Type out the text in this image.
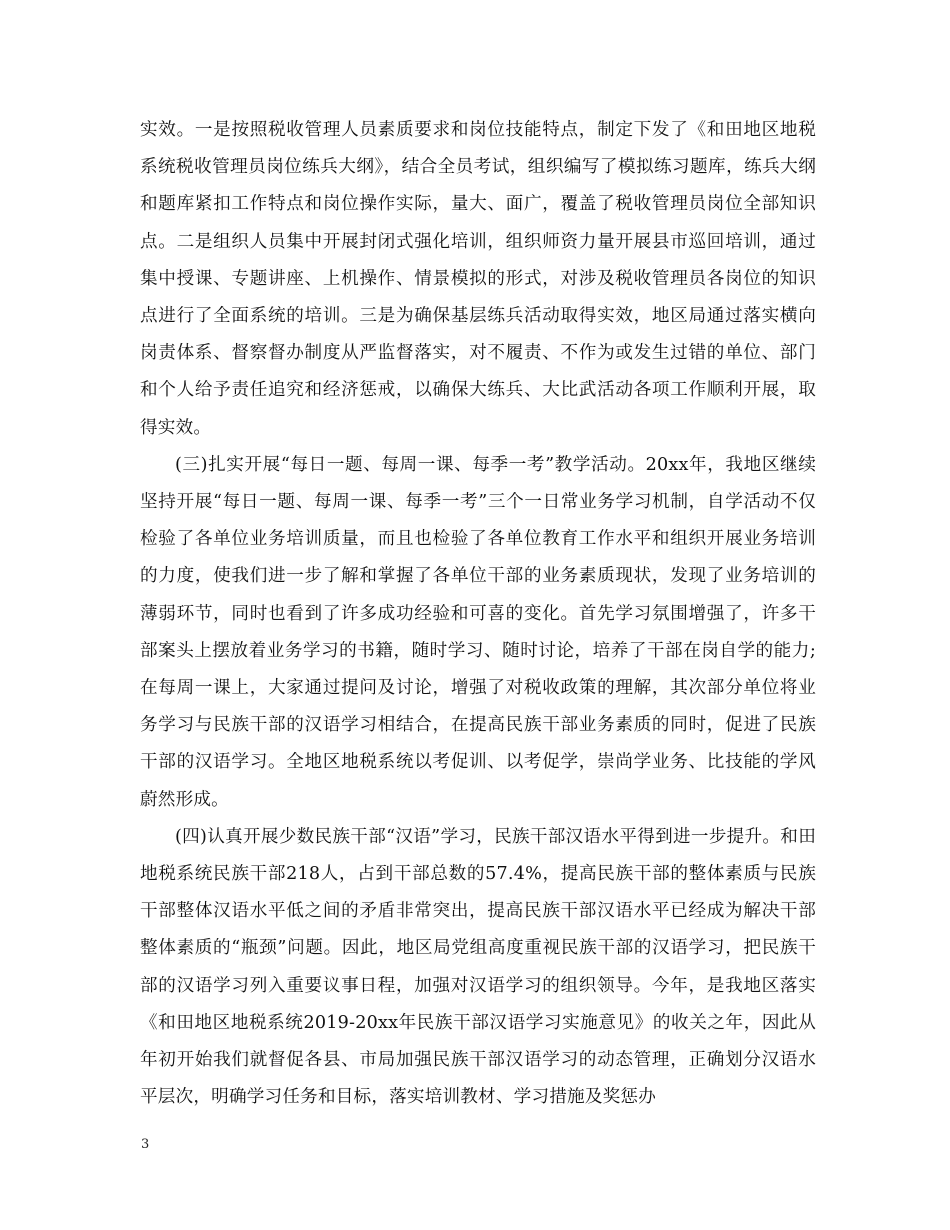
实效。一是按照税收管理人员素质要求和岗位技能特点，制定下发了《和田地区地税系统税收管理员岗位练兵大纲》，结合全员考试，组织编写了模拟练习题库，练兵大纲和题库紧扣工作特点和岗位操作实际，量大、面广，覆盖了税收管理员岗位全部知识点。二是组织人员集中开展封闭式强化培训，组织师资力量开展县市巡回培训，通过集中授课、专题讲座、上机操作、情景模拟的形式，对涉及税收管理员各岗位的知识点进行了全面系统的培训。三是为确保基层练兵活动取得实效，地区局通过落实横向岗责体系、督察督办制度从严监督落实，对不履责、不作为或发生过错的单位、部门和个人给予责任追究和经济惩戒，以确保大练兵、大比武活动各项工作顺利开展，取得实效。

(三)扎实开展“每日一题、每周一课、每季一考”教学活动。20xx年，我地区继续坚持开展“每日一题、每周一课、每季一考”三个一日常业务学习机制，自学活动不仅检验了各单位业务培训质量，而且也检验了各单位教育工作水平和组织开展业务培训的力度，使我们进一步了解和掌握了各单位干部的业务素质现状，发现了业务培训的薄弱环节，同时也看到了许多成功经验和可喜的变化。首先学习氛围增强了，许多干部案头上摆放着业务学习的书籍，随时学习、随时讨论，培养了干部在岗自学的能力;在每周一课上，大家通过提问及讨论，增强了对税收政策的理解，其次部分单位将业务学习与民族干部的汉语学习相结合，在提高民族干部业务素质的同时，促进了民族干部的汉语学习。全地区地税系统以考促训、以考促学，崇尚学业务、比技能的学风蔚然形成。

(四)认真开展少数民族干部“汉语”学习，民族干部汉语水平得到进一步提升。和田地税系统民族干部218人，占到干部总数的57.4%，提高民族干部的整体素质与民族干部整体汉语水平低之间的矛盾非常突出，提高民族干部汉语水平已经成为解决干部整体素质的“瓶颈”问题。因此，地区局党组高度重视民族干部的汉语学习，把民族干部的汉语学习列入重要议事日程，加强对汉语学习的组织领导。今年，是我地区落实《和田地区地税系统2019-20xx年民族干部汉语学习实施意见》的收关之年，因此从年初开始我们就督促各县、市局加强民族干部汉语学习的动态管理，正确划分汉语水平层次，明确学习任务和目标，落实培训教材、学习措施及奖惩办

3
